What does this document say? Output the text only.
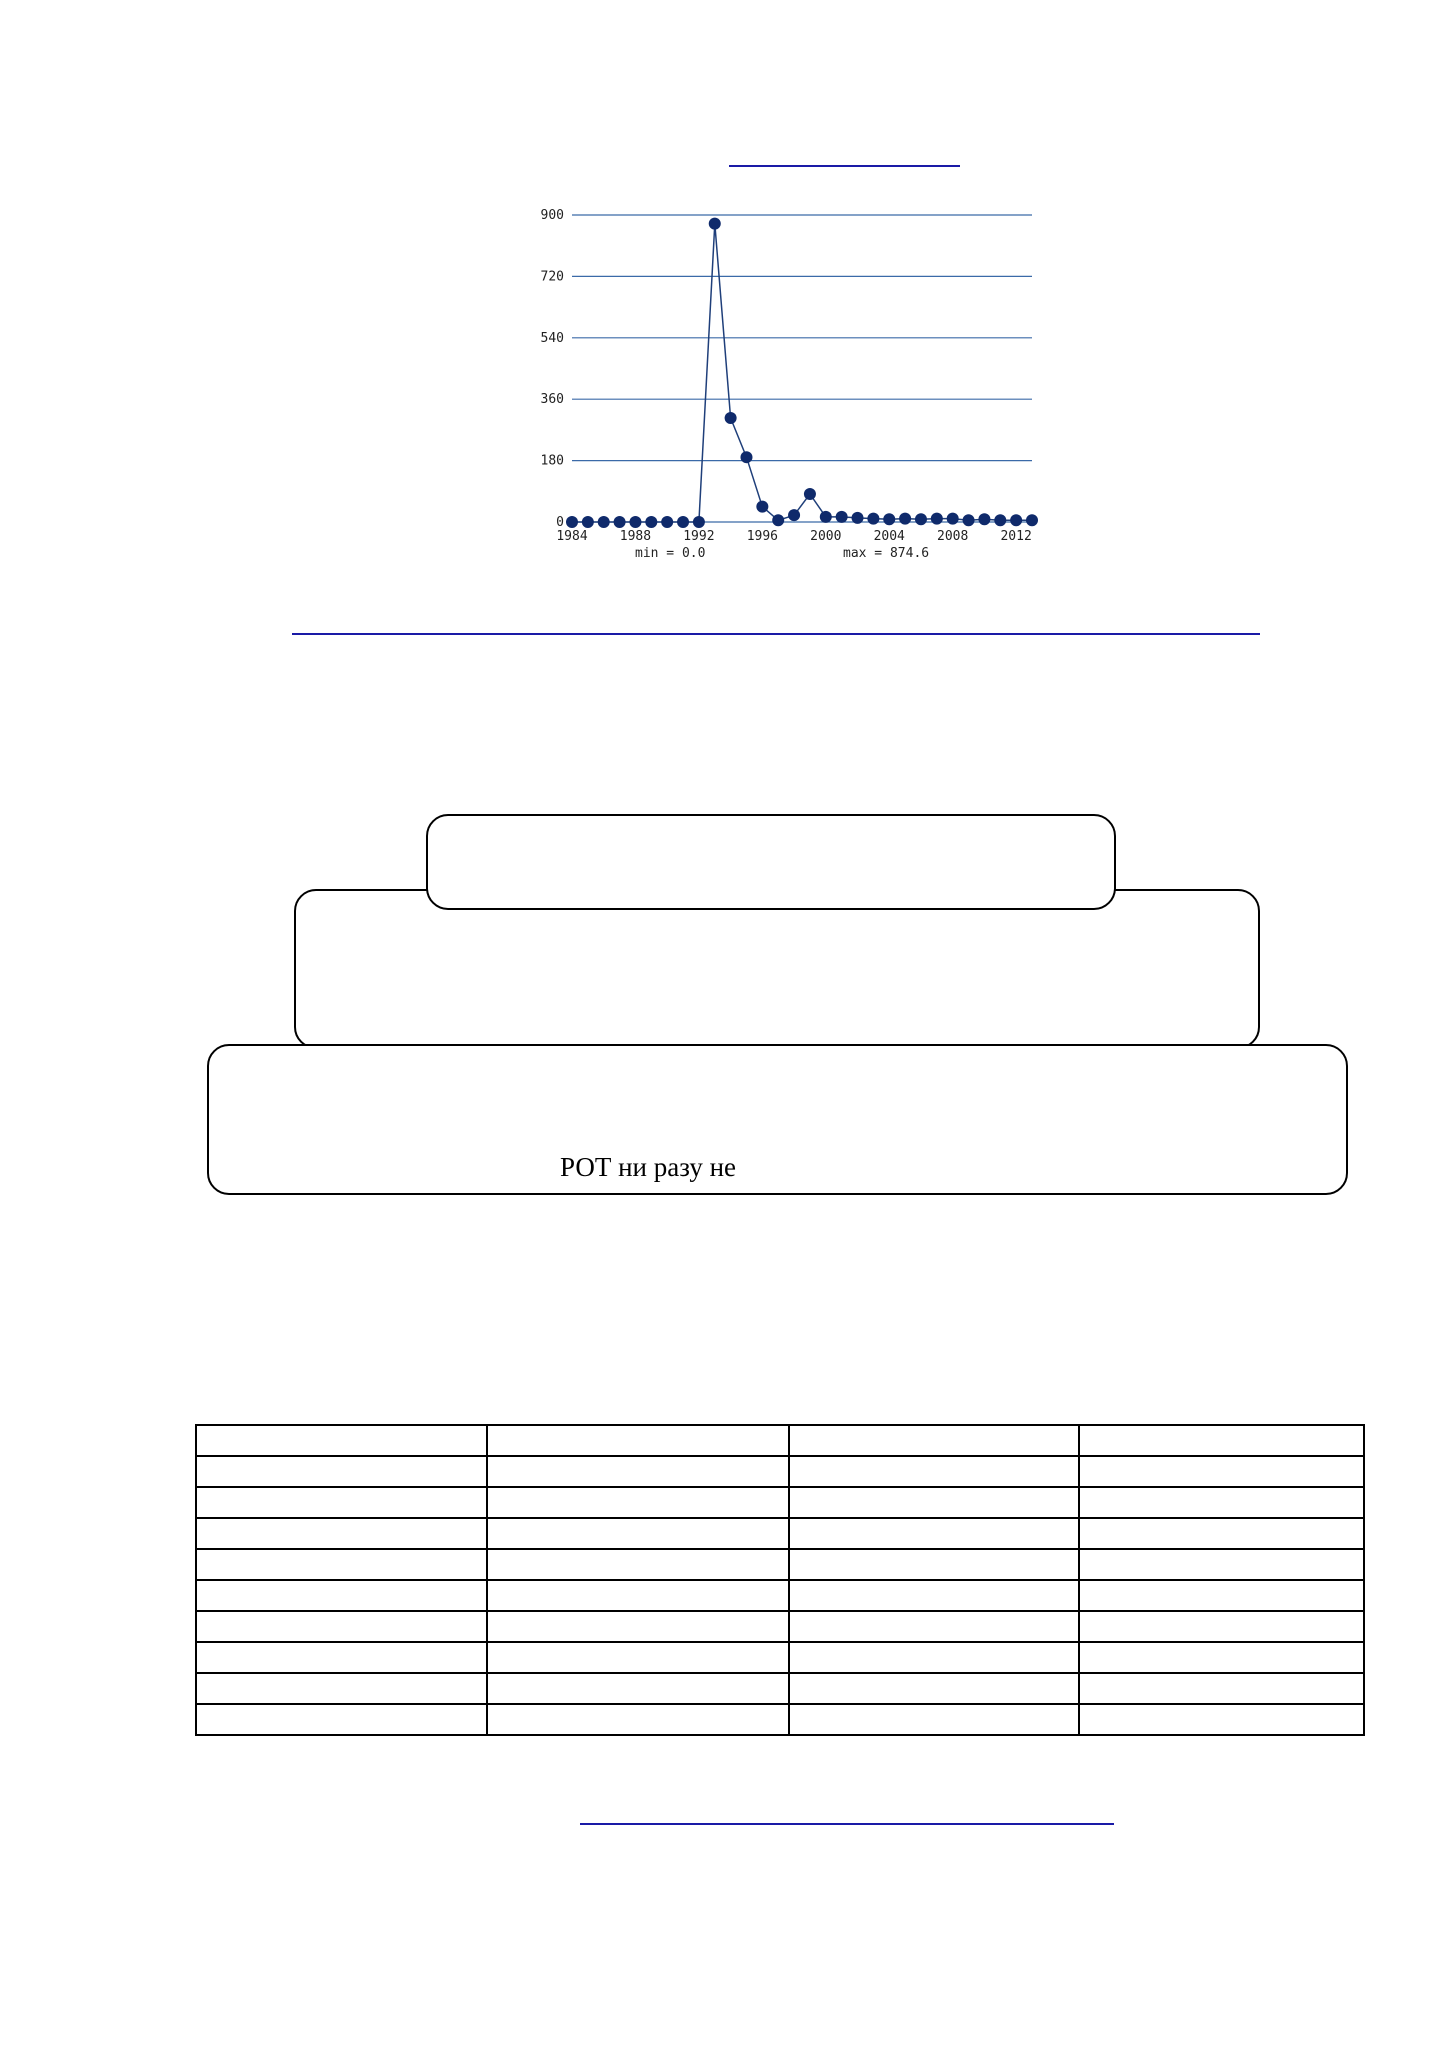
0
180
360
540
720
900
1984 1988 1992 1996 2000 2004 2008 2012
min = 0.0	max = 874.6
РОТ ни разу не
